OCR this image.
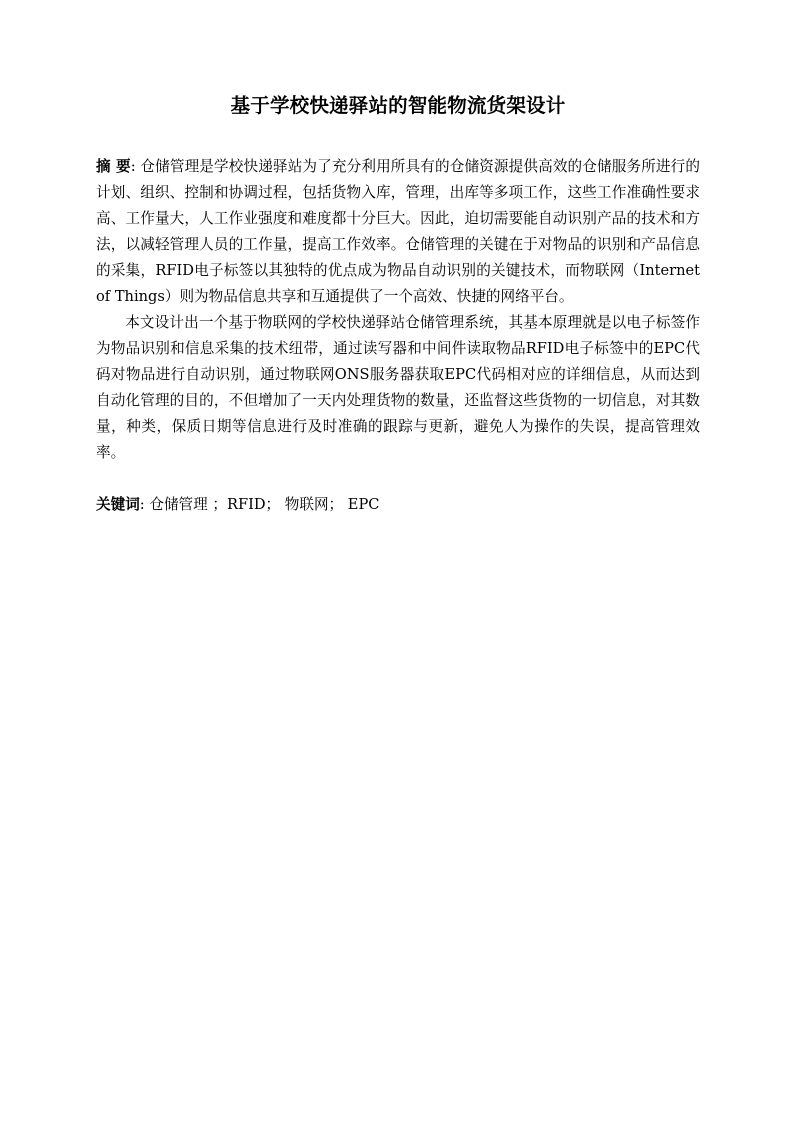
基于学校快递驿站的智能物流货架设计

摘 要: 仓储管理是学校快递驿站为了充分利用所具有的仓储资源提供高效的仓储服务所进行的计划、组织、控制和协调过程，包括货物入库，管理，出库等多项工作，这些工作准确性要求高、工作量大，人工作业强度和难度都十分巨大。因此，迫切需要能自动识别产品的技术和方法，以减轻管理人员的工作量，提高工作效率。仓储管理的关键在于对物品的识别和产品信息的采集，RFID电子标签以其独特的优点成为物品自动识别的关键技术，而物联网（Internet of Things）则为物品信息共享和互通提供了一个高效、快捷的网络平台。

本文设计出一个基于物联网的学校快递驿站仓储管理系统，其基本原理就是以电子标签作为物品识别和信息采集的技术纽带，通过读写器和中间件读取物品RFID电子标签中的EPC代码对物品进行自动识别，通过物联网ONS服务器获取EPC代码相对应的详细信息，从而达到自动化管理的目的，不但增加了一天内处理货物的数量，还监督这些货物的一切信息，对其数量，种类，保质日期等信息进行及时准确的跟踪与更新，避免人为操作的失误，提高管理效率。

关键词: 仓储管理 ；RFID； 物联网； EPC
